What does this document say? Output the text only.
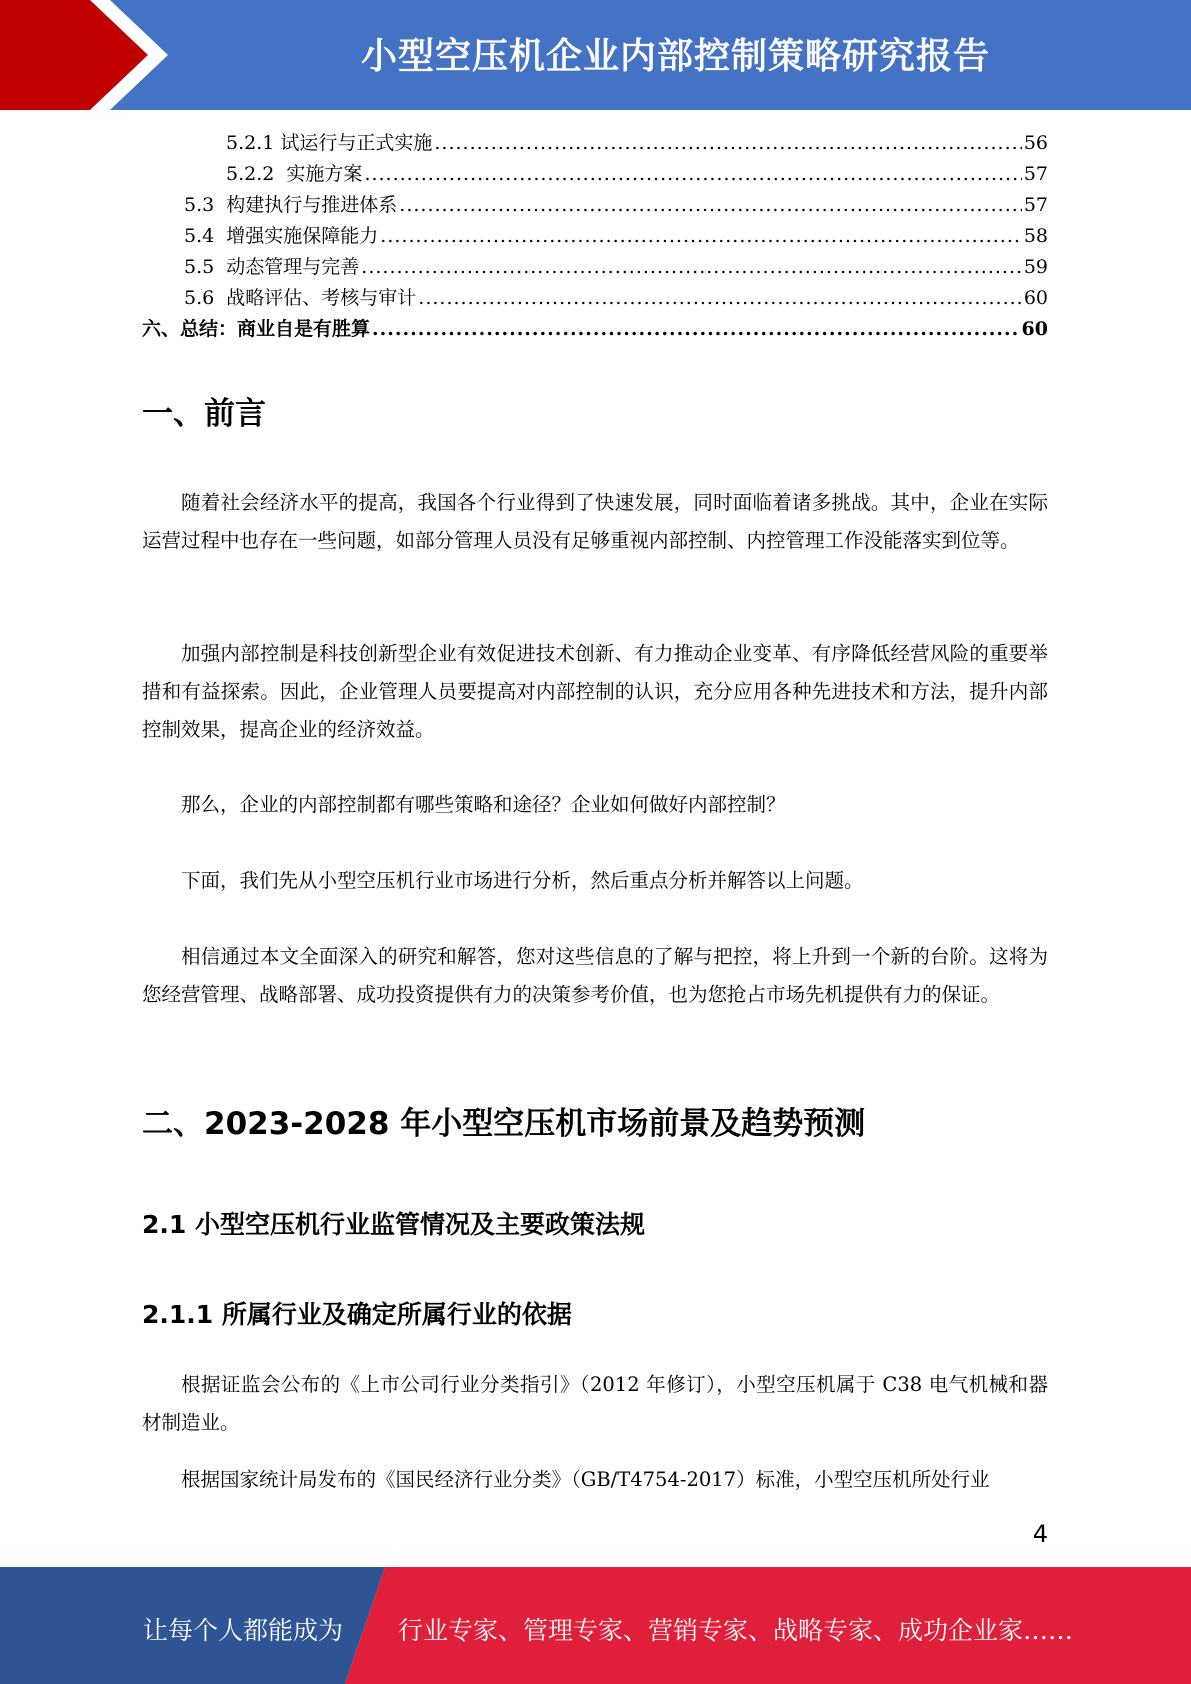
小型空压机企业内部控制策略研究报告
5.2.1 试运行与正式实施 .....	56
5.2.2  实施方案 .....	57
5.3  构建执行与推进体系 .....	57
5.4  增强实施保障能力 .....	58
5.5  动态管理与完善 .....	59
5.6  战略评估、考核与审计 .....	60
六、总结：商业自是有胜算 .....	60
一、前言

随着社会经济水平的提高，我国各个行业得到了快速发展，同时面临着诸多挑战。其中，企业在实际运营过程中也存在一些问题，如部分管理人员没有足够重视内部控制、内控管理工作没能落实到位等。

加强内部控制是科技创新型企业有效促进技术创新、有力推动企业变革、有序降低经营风险的重要举措和有益探索。因此，企业管理人员要提高对内部控制的认识，充分应用各种先进技术和方法，提升内部控制效果，提高企业的经济效益。

那么，企业的内部控制都有哪些策略和途径？企业如何做好内部控制？

下面，我们先从小型空压机行业市场进行分析，然后重点分析并解答以上问题。

相信通过本文全面深入的研究和解答，您对这些信息的了解与把控，将上升到一个新的台阶。这将为您经营管理、战略部署、成功投资提供有力的决策参考价值，也为您抢占市场先机提供有力的保证。

二、2023-2028 年小型空压机市场前景及趋势预测
2.1 小型空压机行业监管情况及主要政策法规
2.1.1 所属行业及确定所属行业的依据

根据证监会公布的《上市公司行业分类指引》（2012 年修订），小型空压机属于 C38 电气机械和器材制造业。

根据国家统计局发布的《国民经济行业分类》（GB/T4754-2017）标准，小型空压机所处行业

4
让每个人都能成为 行业专家、管理专家、营销专家、战略专家、成功企业家……
